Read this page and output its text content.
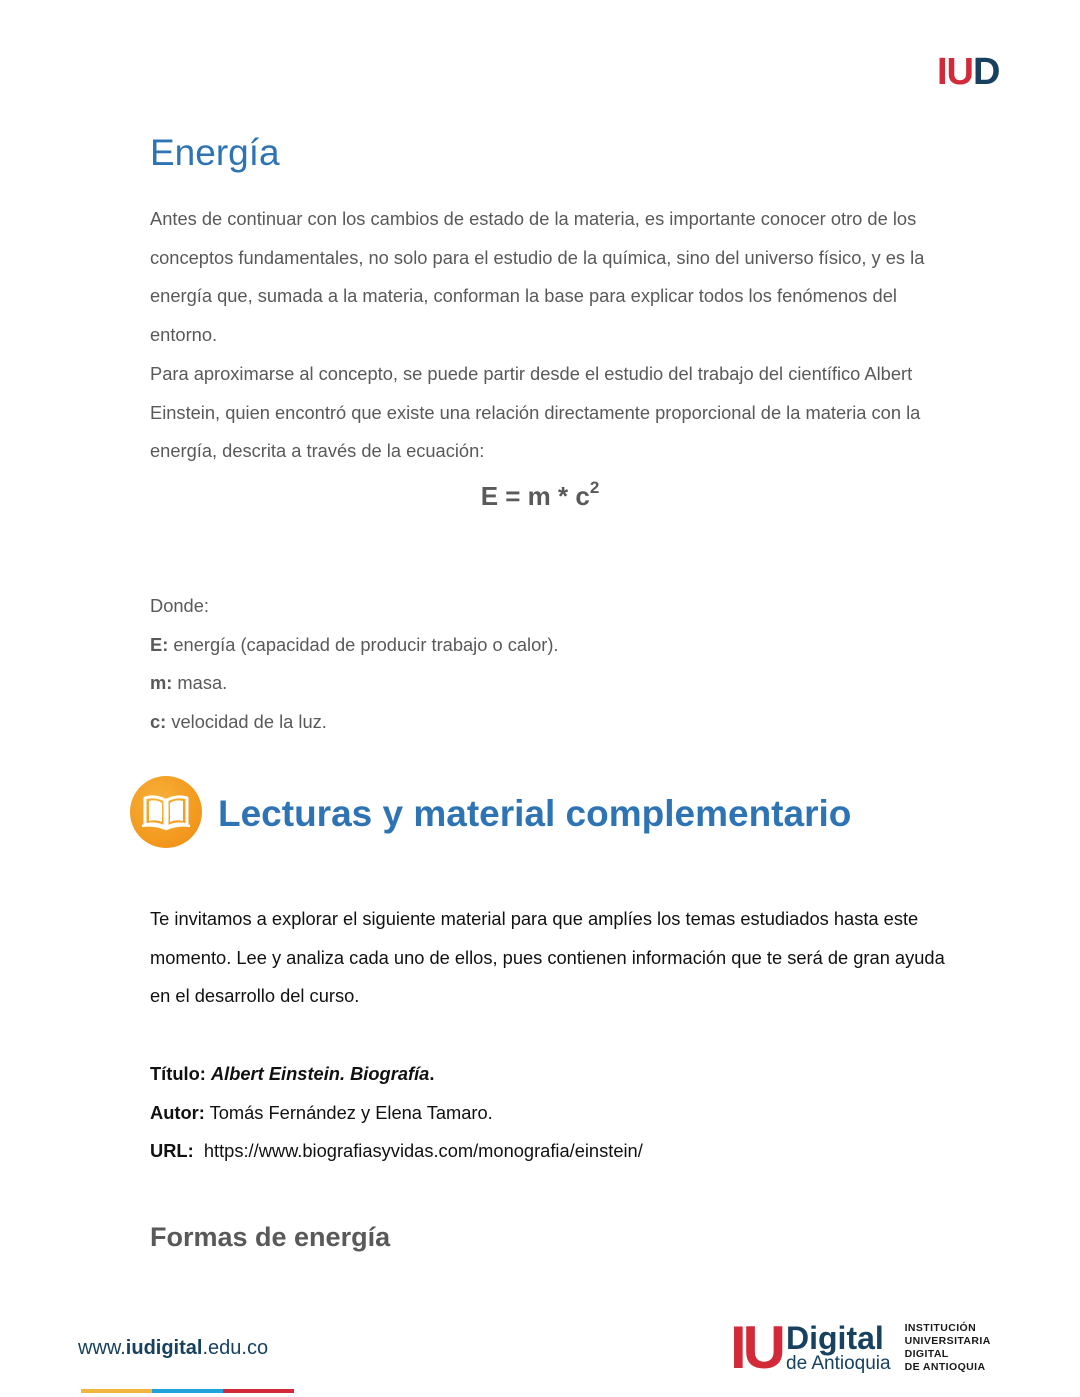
IUD
Energía

Antes de continuar con los cambios de estado de la materia, es importante conocer otro de los conceptos fundamentales, no solo para el estudio de la química, sino del universo físico, y es la energía que, sumada a la materia, conforman la base para explicar todos los fenómenos del entorno.

Para aproximarse al concepto, se puede partir desde el estudio del trabajo del científico Albert Einstein, quien encontró que existe una relación directamente proporcional de la materia con la energía, descrita a través de la ecuación:

$E = m * c^2$
Donde:
E: energía (capacidad de producir trabajo o calor).
m: masa.
c: velocidad de la luz.
Lecturas y material complementario

Te invitamos a explorar el siguiente material para que amplíes los temas estudiados hasta este momento. Lee y analiza cada uno de ellos, pues contienen información que te será de gran ayuda en el desarrollo del curso.

Título: Albert Einstein. Biografía.
Autor: Tomás Fernández y Elena Tamaro.
URL: https://www.biografiasyvidas.com/monografia/einstein/
Formas de energía
www.iudigital.edu.co	IU Digital
de Antioquia
INSTITUCIÓN
UNIVERSITARIA
DIGITAL
DE ANTIOQUIA
